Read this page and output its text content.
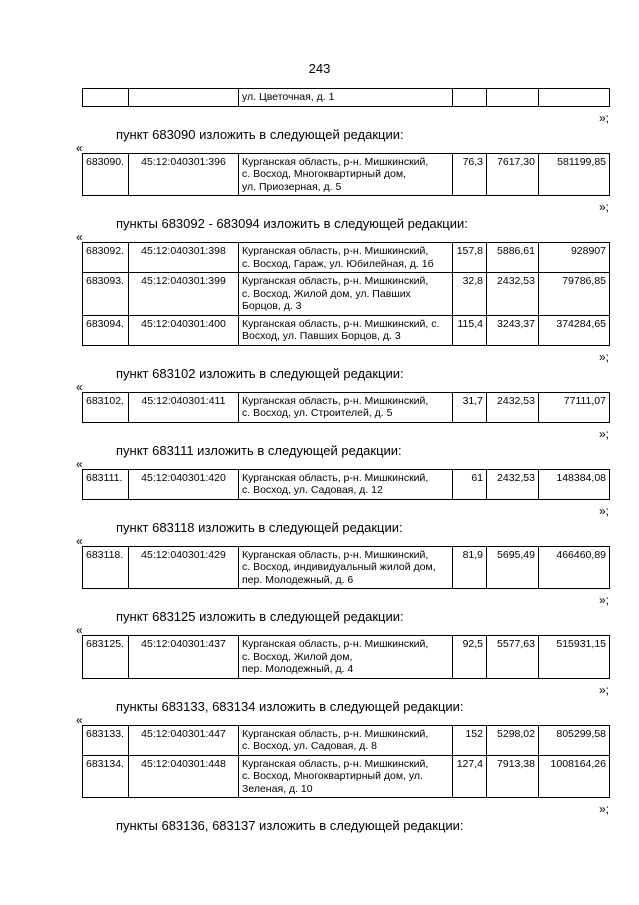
243
		ул. Цветочная, д. 1			
»;
пункт 683090 изложить в следующей редакции:
«
683090.	45:12:040301:396	Курганская область, р-н. Мишкинский,
с. Восход, Многоквартирный дом,
ул. Приозерная, д. 5
	76,3	7617,30	581199,85
»;
пункты 683092 - 683094 изложить в следующей редакции:
«
683092.	45:12:040301:398	Курганская область, р-н. Мишкинский,
с. Восход, Гараж, ул. Юбилейная, д. 1б	157,8	5886,61	928907
683093.	45:12:040301:399	Курганская область, р-н. Мишкинский,
с. Восход, Жилой дом, ул. Павших
Борцов, д. 3	32,8	2432,53	79786,85
683094.	45:12:040301:400	Курганская область, р-н. Мишкинский, с.
Восход, ул. Павших Борцов, д. 3	115,4	3243,37	374284,65
»;
пункт 683102 изложить в следующей редакции:
«
683102.	45:12:040301:411	Курганская область, р-н. Мишкинский,
с. Восход, ул. Строителей, д. 5
	31,7	2432,53	77111,07
»;
пункт 683111 изложить в следующей редакции:
«
683111.	45:12:040301:420	Курганская область, р-н. Мишкинский,
с. Восход, ул. Садовая, д. 12
	61	2432,53	148384,08
»;
пункт 683118 изложить в следующей редакции:
«
683118.	45:12:040301:429	Курганская область, р-н. Мишкинский,
с. Восход, индивидуальный жилой дом,
пер. Молодежный, д. 6
	81,9	5695,49	466460,89
»;
пункт 683125 изложить в следующей редакции:
«
683125.	45:12:040301:437	Курганская область, р-н. Мишкинский,
с. Восход, Жилой дом,
пер. Молодежный, д. 4
	92,5	5577,63	515931,15
»;
пункты 683133, 683134 изложить в следующей редакции:
«
683133.	45:12:040301:447	Курганская область, р-н. Мишкинский,
с. Восход, ул. Садовая, д. 8	152	5298,02	805299,58
683134.	45:12:040301:448	Курганская область, р-н. Мишкинский,
с. Восход, Многоквартирный дом, ул.
Зеленая, д. 10	127,4	7913,38	1008164,26
»;
пункты 683136, 683137 изложить в следующей редакции:
